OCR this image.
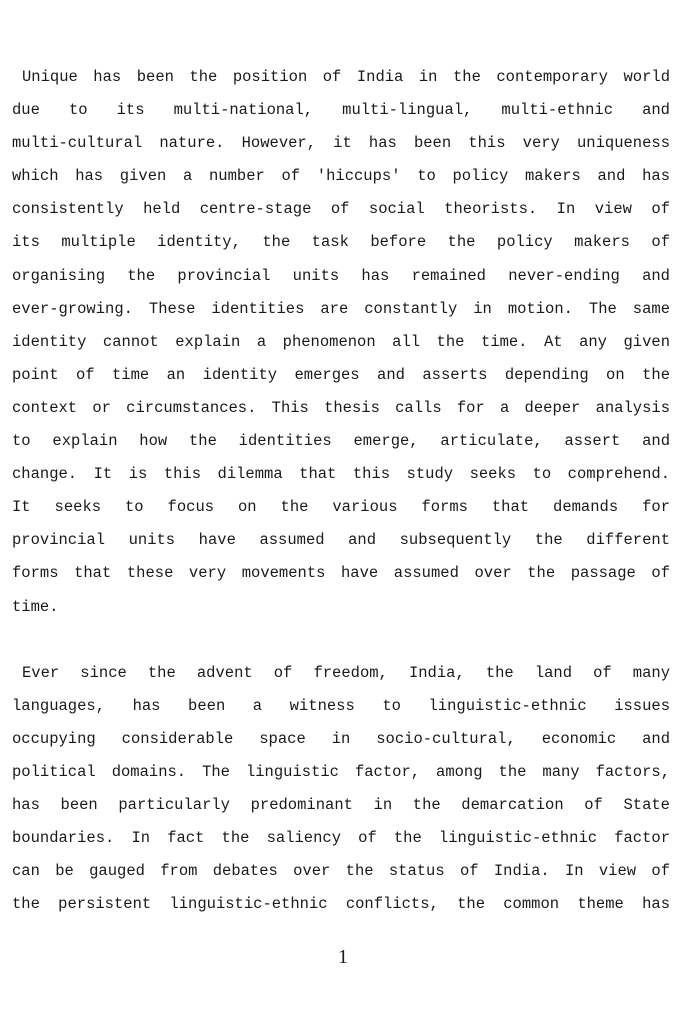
Unique has been the position of India in the contemporary world
due to its multi-national, multi-lingual, multi-ethnic and
multi-cultural nature. However, it has been this very uniqueness
which has given a number of 'hiccups' to policy makers and has
consistently held centre-stage of social theorists. In view of
its multiple identity, the task before the policy makers of
organising the provincial units has remained never-ending and
ever-growing. These identities are constantly in motion. The same
identity cannot explain a phenomenon all the time. At any given
point of time an identity emerges and asserts depending on the
context or circumstances. This thesis calls for a deeper analysis
to explain how the identities emerge, articulate, assert and
change. It is this dilemma that this study seeks to comprehend.
It seeks to focus on the various forms that demands for
provincial units have assumed and subsequently the different
forms that these very movements have assumed over the passage of
time.
Ever since the advent of freedom, India, the land of many
languages, has been a witness to linguistic-ethnic issues
occupying considerable space in socio-cultural, economic and
political domains. The linguistic factor, among the many factors,
has been particularly predominant in the demarcation of State
boundaries. In fact the saliency of the linguistic-ethnic factor
can be gauged from debates over the status of India. In view of
the persistent linguistic-ethnic conflicts, the common theme has
1
